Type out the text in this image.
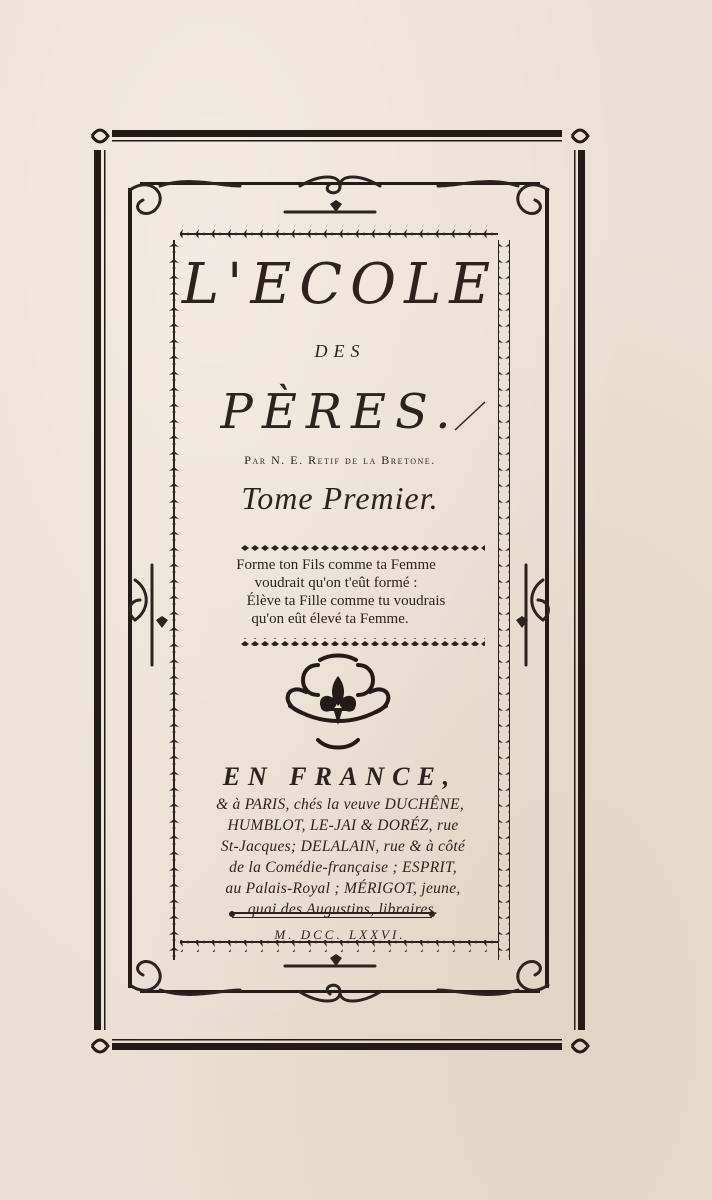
L'ECOLE
DES
PÈRES.
Par N. E. Retif de la Bretone.
Tome Premier.
Forme ton Fils comme ta Femme
voudrait qu'on t'eût formé :
Élève ta Fille comme tu voudrais
qu'on eût élevé ta Femme.
EN FRANCE,
& à PARIS, chés la veuve DUCHÊNE,
HUMBLOT, LE-JAI & DORÉZ, rue
St-Jacques; DELALAIN, rue & à côté
de la Comédie-française ; ESPRIT,
au Palais-Royal ; MÉRIGOT, jeune,
quai des Augustins, libraires.
M. DCC. LXXVI.
